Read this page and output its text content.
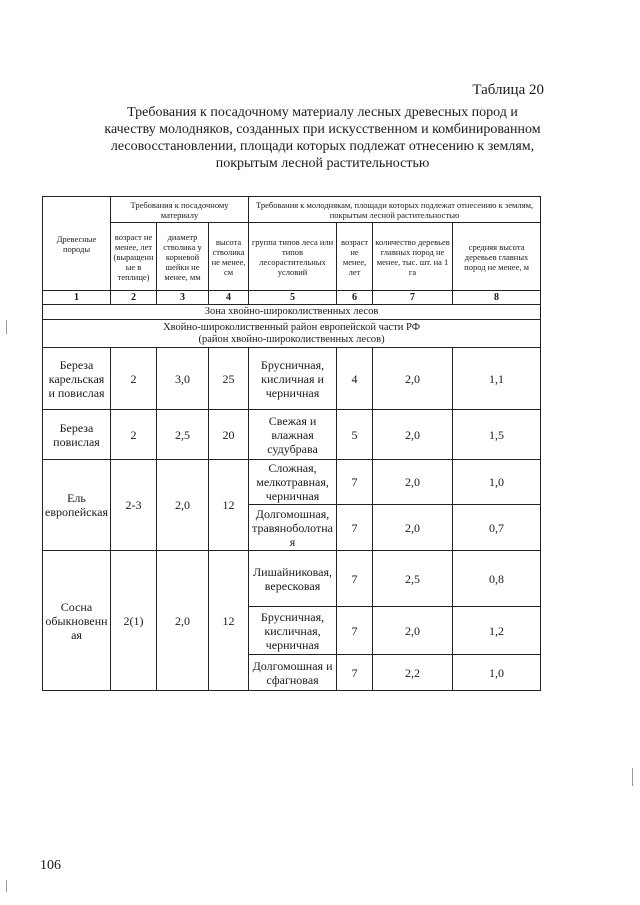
Таблица 20
Требования к посадочному материалу лесных древесных пород и
качеству молодняков, созданных при искусственном и комбинированном
лесовосстановлении, площади которых подлежат отнесению к землям,
покрытым лесной растительностью
Древесные породы	Требования к посадочному материалу			Требования к молоднякам, площади которых подлежат отнесению к землям, покрытым лесной растительностью			
	возраст не менее, лет (выращенные в теплице)	диаметр стволика у корневой шейки не менее, мм	высота стволика не менее, см	группа типов леса или типов лесорастительных условий	возраст не менее, лет	количество деревьев главных пород не менее, тыс. шт. на 1 га	средняя высота деревьев главных пород не менее, м
1	2	3	4	5	6	7	8
Зона хвойно-широколиственных лесов							
Хвойно-широколиственный район европейской части РФ
(район хвойно-широколиственных лесов)							
Береза карельская и повислая	2	3,0	25	Брусничная, кисличная и черничная	4	2,0	1,1
Береза повислая	2	2,5	20	Свежая и влажная судубрава	5	2,0	1,5
Ель европейская	2-3	2,0	12	Сложная, мелкотравная, черничная	7	2,0	1,0
				Долгомошная, травяноболотная	7	2,0	0,7
Сосна обыкновенная	2(1)	2,0	12	Лишайниковая, вересковая	7	2,5	0,8
				Брусничная, кисличная, черничная	7	2,0	1,2
				Долгомошная и сфагновая	7	2,2	1,0
106
